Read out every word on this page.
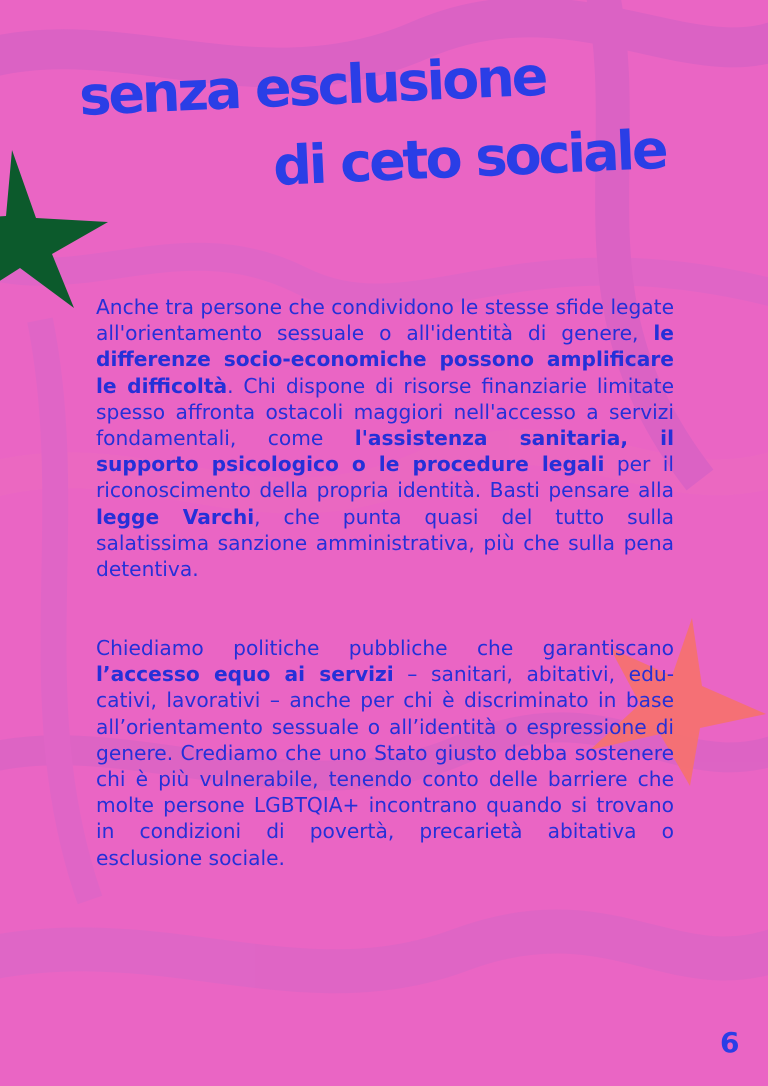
senza esclusione
di ceto sociale

Anche tra persone che condividono le stesse sfide legate all'orientamento sessuale o all'identità di genere, le differenze socio-economiche possono amplificare le difficoltà. Chi dispone di risorse finanziarie limitate spesso affronta ostacoli maggiori nell'accesso a servizi fondamentali, come l'assistenza sanitaria, il supporto psicologico o le procedure legali per il riconoscimento della propria identità. Basti pensare alla legge Varchi, che punta quasi del tutto sulla salatissima sanzione amministrativa, più che sulla pena detentiva.

Chiediamo politiche pubbliche che garantiscano l’accesso equo ai servizi – sanitari, abitativi, educativi, lavorativi – anche per chi è discriminato in base all’orientamento sessuale o all’identità o espressione di genere. Crediamo che uno Stato giusto debba sostenere chi è più vulnerabile, tenendo conto delle barriere che molte persone LGBTQIA+ incontrano quando si trovano in condizioni di povertà, precarietà abitativa o esclusione sociale.

6
